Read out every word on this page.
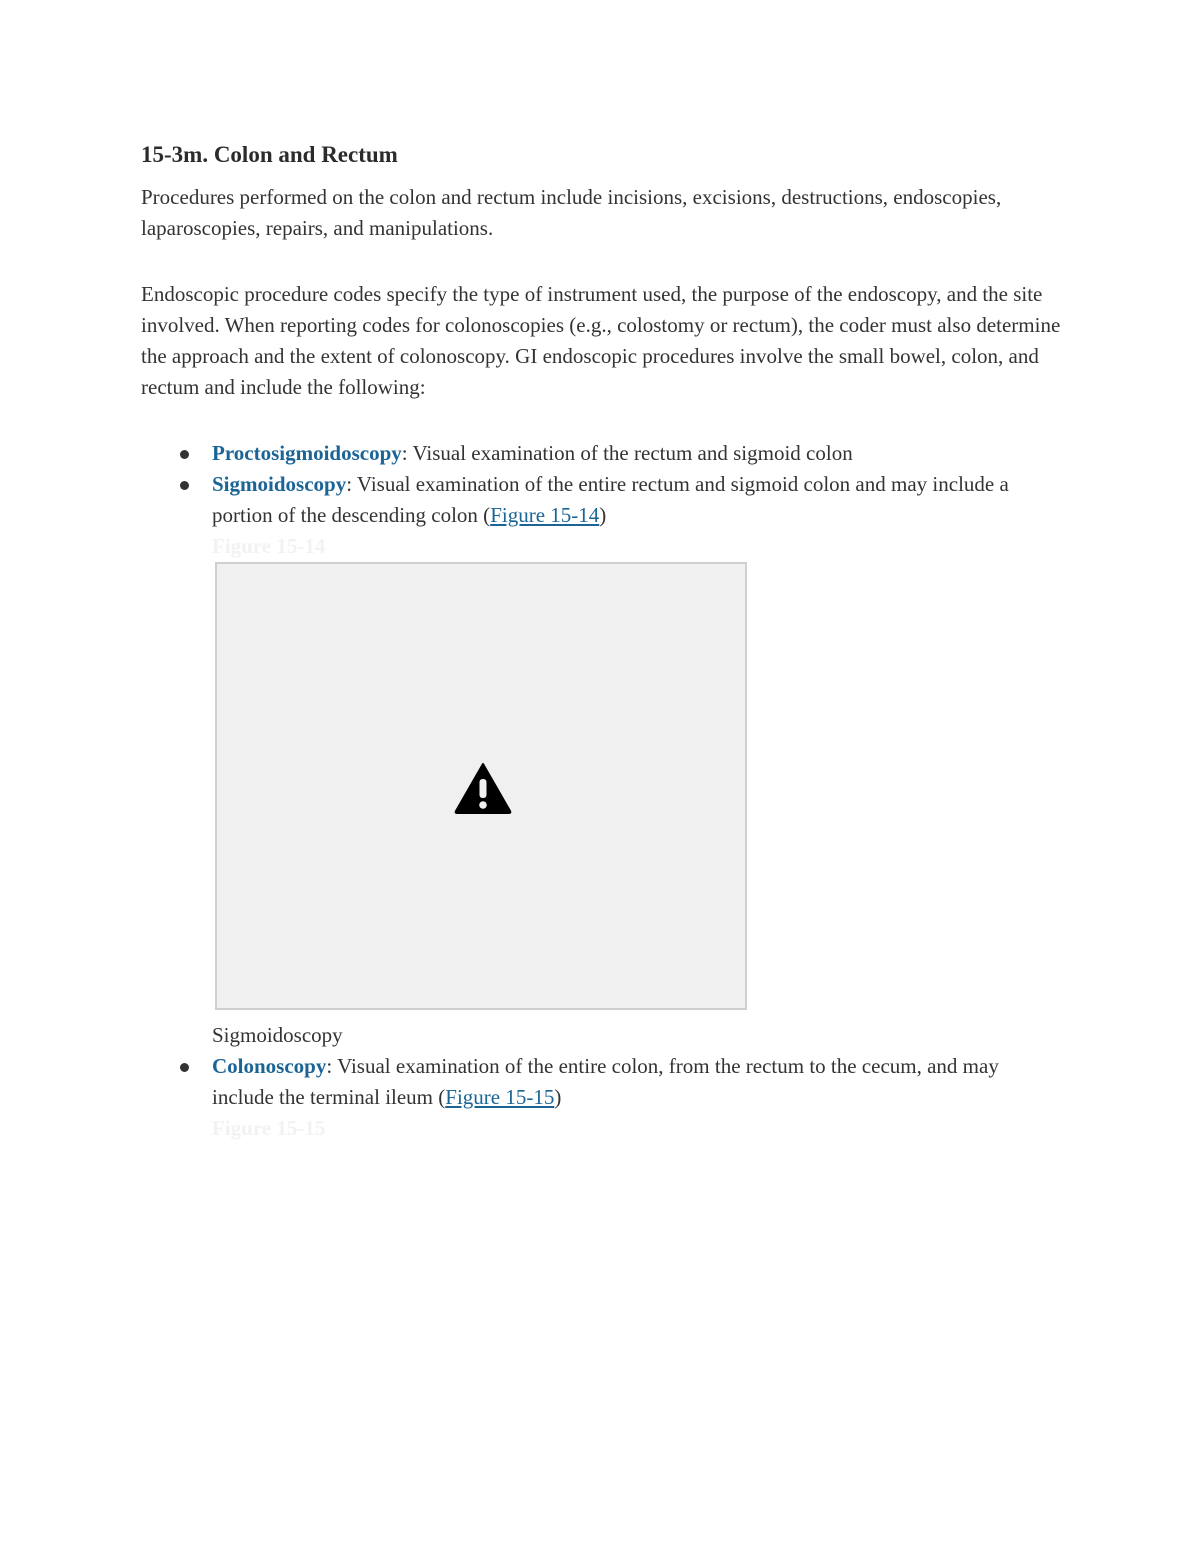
15-3m. Colon and Rectum

Procedures performed on the colon and rectum include incisions, excisions, destructions, endoscopies, laparoscopies, repairs, and manipulations.

Endoscopic procedure codes specify the type of instrument used, the purpose of the endoscopy, and the site involved. When reporting codes for colonoscopies (e.g., colostomy or rectum), the coder must also determine the approach and the extent of colonoscopy. GI endoscopic procedures involve the small bowel, colon, and rectum and include the following:

Proctosigmoidoscopy: Visual examination of the rectum and sigmoid colon
Sigmoidoscopy: Visual examination of the entire rectum and sigmoid colon and may include a portion of the descending colon (Figure 15-14)
Figure 15-14
Sigmoidoscopy
Colonoscopy: Visual examination of the entire colon, from the rectum to the cecum, and may include the terminal ileum (Figure 15-15)
Figure 15-15
